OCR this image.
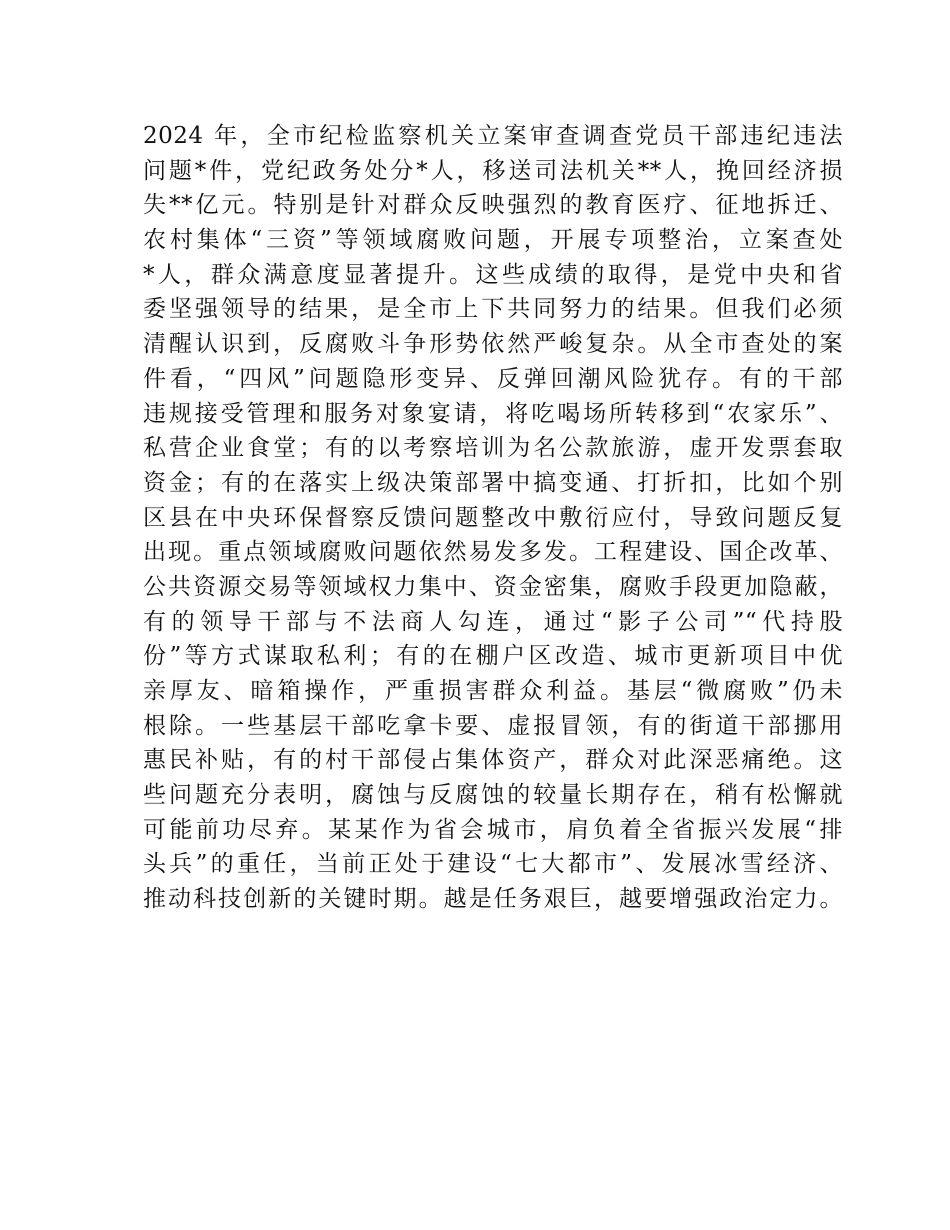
2024 年，全市纪检监察机关立案审查调查党员干部违纪违法
问题*件，党纪政务处分*人，移送司法机关**人，挽回经济损
失**亿元。特别是针对群众反映强烈的教育医疗、征地拆迁、
农村集体“三资”等领域腐败问题，开展专项整治，立案查处
*人，群众满意度显著提升。这些成绩的取得，是党中央和省
委坚强领导的结果，是全市上下共同努力的结果。但我们必须
清醒认识到，反腐败斗争形势依然严峻复杂。从全市查处的案
件看，“四风”问题隐形变异、反弹回潮风险犹存。有的干部
违规接受管理和服务对象宴请，将吃喝场所转移到“农家乐”、
私营企业食堂；有的以考察培训为名公款旅游，虚开发票套取
资金；有的在落实上级决策部署中搞变通、打折扣，比如个别
区县在中央环保督察反馈问题整改中敷衍应付，导致问题反复
出现。重点领域腐败问题依然易发多发。工程建设、国企改革、
公共资源交易等领域权力集中、资金密集，腐败手段更加隐蔽，
有的领导干部与不法商人勾连，通过“影子公司”“代持股
份”等方式谋取私利；有的在棚户区改造、城市更新项目中优
亲厚友、暗箱操作，严重损害群众利益。基层“微腐败”仍未
根除。一些基层干部吃拿卡要、虚报冒领，有的街道干部挪用
惠民补贴，有的村干部侵占集体资产，群众对此深恶痛绝。这
些问题充分表明，腐蚀与反腐蚀的较量长期存在，稍有松懈就
可能前功尽弃。某某作为省会城市，肩负着全省振兴发展“排
头兵”的重任，当前正处于建设“七大都市”、发展冰雪经济、
推动科技创新的关键时期。越是任务艰巨，越要增强政治定力。
